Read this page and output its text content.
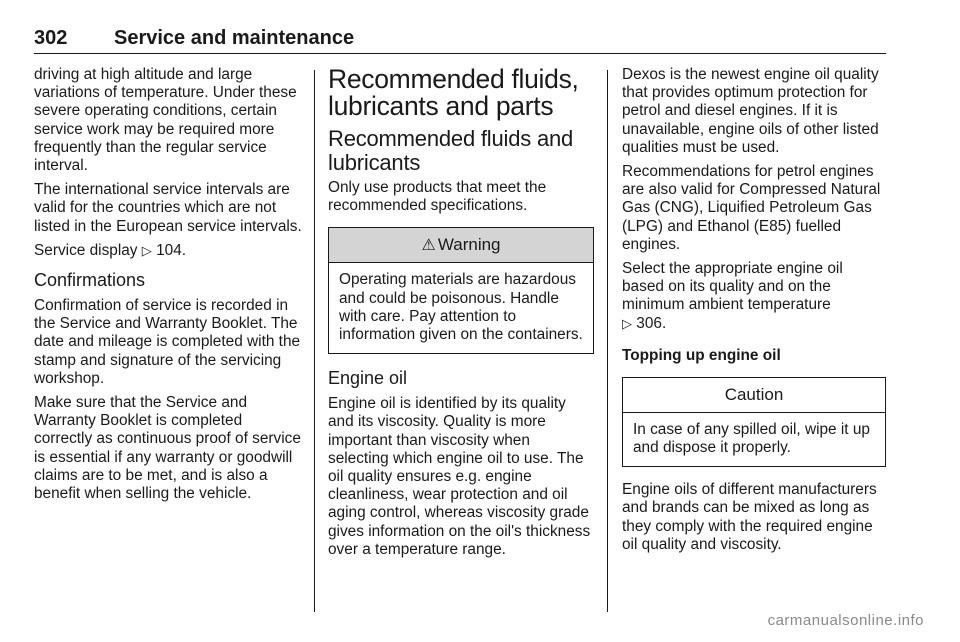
302 Service and maintenance

driving at high altitude and large variations of temperature. Under these severe operating conditions, certain service work may be required more frequently than the regular service interval.

The international service intervals are valid for the countries which are not listed in the European service intervals.

Service display ▷ 104.

Confirmations

Confirmation of service is recorded in the Service and Warranty Booklet. The date and mileage is completed with the stamp and signature of the servicing workshop.

Make sure that the Service and Warranty Booklet is completed correctly as continuous proof of service is essential if any warranty or goodwill claims are to be met, and is also a benefit when selling the vehicle.

Recommended fluids, lubricants and parts
Recommended fluids and lubricants

Only use products that meet the recommended specifications.

⚠ Warning

Operating materials are hazardous and could be poisonous. Handle with care. Pay attention to information given on the containers.

Engine oil

Engine oil is identified by its quality and its viscosity. Quality is more important than viscosity when selecting which engine oil to use. The oil quality ensures e.g. engine cleanliness, wear protection and oil aging control, whereas viscosity grade gives information on the oil's thickness over a temperature range.

Dexos is the newest engine oil quality that provides optimum protection for petrol and diesel engines. If it is unavailable, engine oils of other listed qualities must be used.

Recommendations for petrol engines are also valid for Compressed Natural Gas (CNG), Liquified Petroleum Gas (LPG) and Ethanol (E85) fuelled engines.

Select the appropriate engine oil based on its quality and on the minimum ambient temperature
▷ 306.

Topping up engine oil
Caution

In case of any spilled oil, wipe it up and dispose it properly.

Engine oils of different manufacturers and brands can be mixed as long as they comply with the required engine oil quality and viscosity.

carmanualsonline.info
